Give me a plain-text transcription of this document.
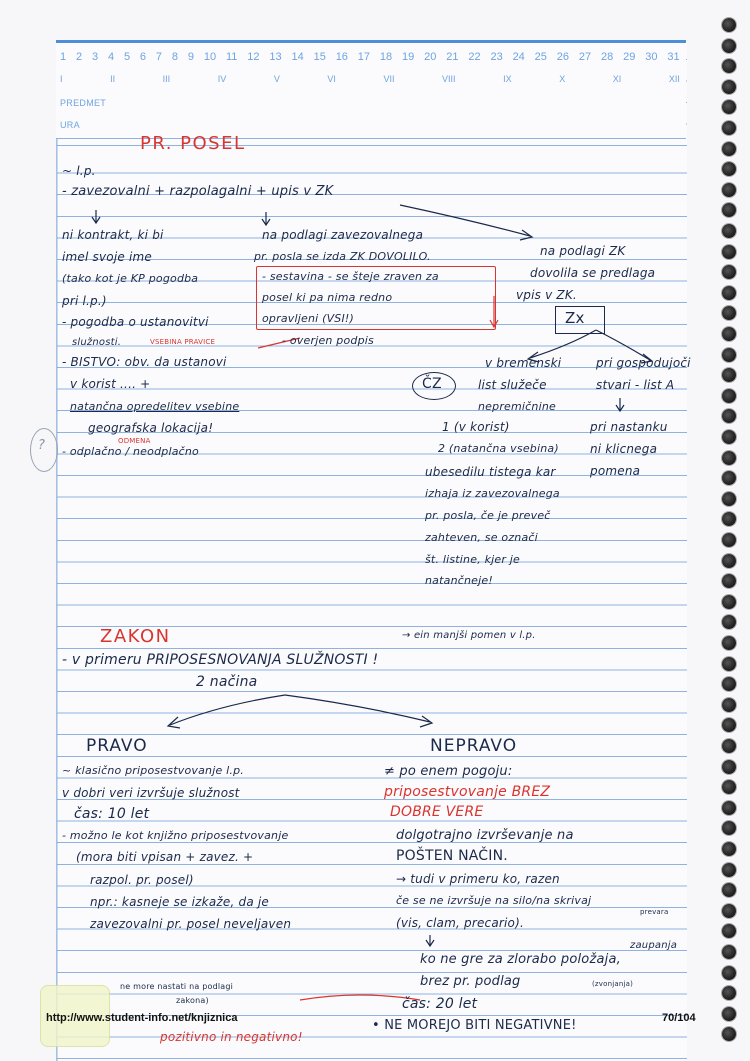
1 2 3 4 5 6 7 8 9 10 11 12 13 14 15 16 17 18 19 20 21 22 23 24 25 26 27 28 29 30 31
I	II	III	IV	V	VI	VII	VIII	IX	X	XI	XII
PREDMET
URA
PR. POSEL
~ l.p.
- zavezovalni + razpolagalni + upis v ZK
ni kontrakt, ki bi
imel svoje ime
(tako kot je KP pogodba
pri l.p.)
- pogodba o ustanovitvi
služnosti.	VSEBINA PRAVICE
na podlagi zavezovalnega
pr. posla se izda ZK DOVOLILO.
- sestavina - se šteje zraven za
posel ki pa nima redno
opravljeni (VSI!)
- overjen podpis
na podlagi ZK
dovolila se predlaga
vpis v ZK.
Zx
- BISTVO: obv. da ustanovi
v korist .... +
natančna opredelitev vsebine
geografska lokacija!
ODMENA
- odplačno / neodplačno
ČZ
v bremenski
list služeče
nepremičnine
1 (v korist)
2 (natančna vsebina)
ubesedilu tistega kar
izhaja iz zavezovalnega
pr. posla, če je preveč
zahteven, se označi
št. listine, kjer je
natančneje!
pri gospodujoči
stvari - list A
pri nastanku
ni klicnega
pomena
ZAKON	→ ein manjši pomen v l.p.
- v primeru PRIPOSESNOVANJA SLUŽNOSTI !
2 načina
PRAVO
~ klasično priposestvovanje l.p.
v dobri veri izvršuje služnost
čas: 10 let
- možno le kot knjižno priposestvovanje
(mora biti vpisan + zavez. +
razpol. pr. posel)
npr.: kasneje se izkaže, da je
zavezovalni pr. posel neveljaven
NEPRAVO
≠ po enem pogoju:
priposestvovanje BREZ
DOBRE VERE
dolgotrajno izvrševanje na
POŠTEN NAČIN.
→ tudi v primeru ko, razen
če se ne izvršuje na silo/na skrivaj
(vis, clam, precario).
prevara
ko ne gre za zlorabo položaja,
zaupanja
brez pr. podlag	(zvonjanja)
čas: 20 let
ne more nastati na podlagi
zakona)
pozitivno in negativno!
• NE MOREJO BITI NEGATIVNE!
?
http://www.student-info.net/knjiznica	70/104
